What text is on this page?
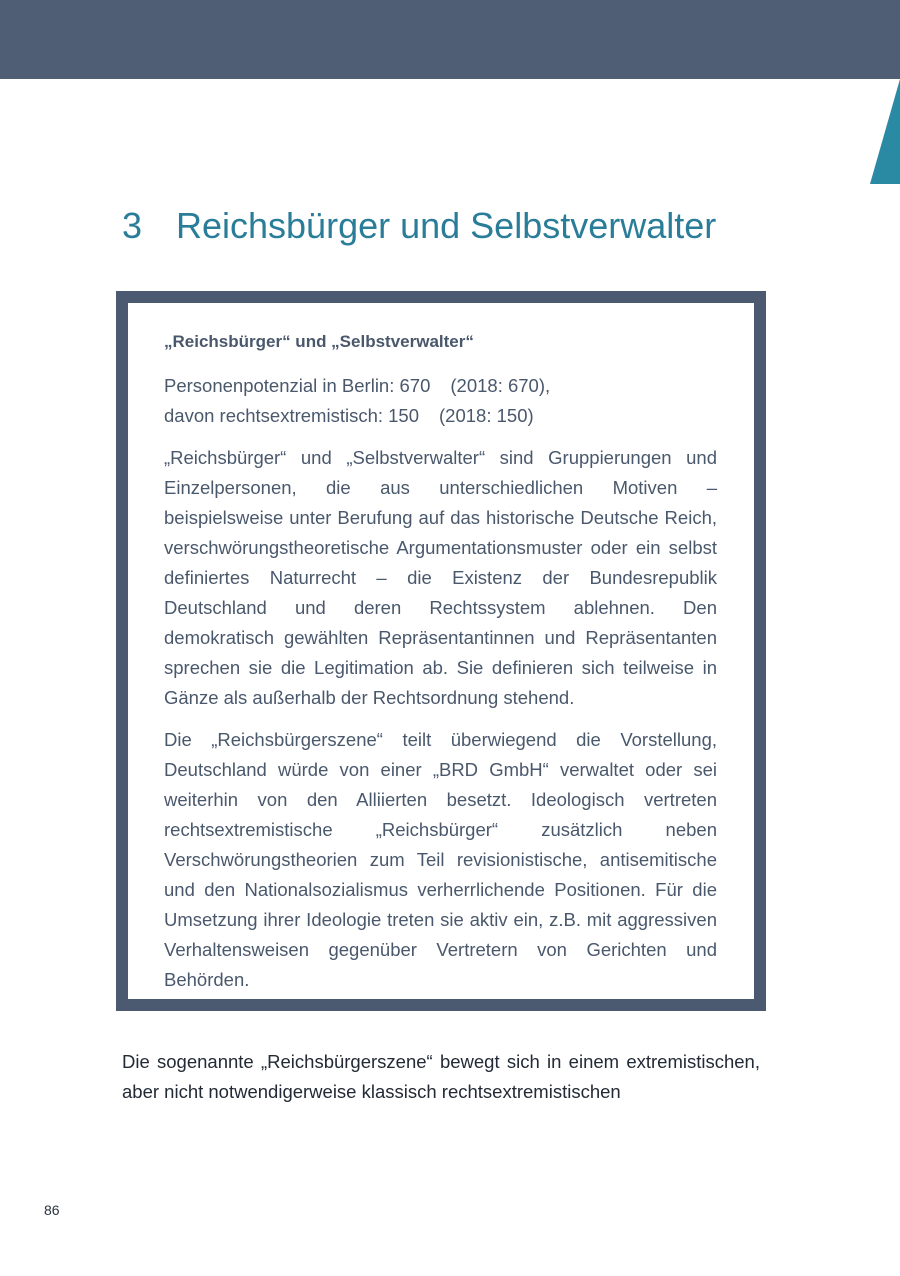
3 Reichsbürger und Selbstverwalter

„Reichsbürger“ und „Selbstverwalter“

Personenpotenzial in Berlin: 670 (2018: 670),
davon rechtsextremistisch: 150 (2018: 150)

„Reichsbürger“ und „Selbstverwalter“ sind Gruppierungen und Einzelpersonen, die aus unterschiedlichen Motiven – beispielsweise unter Berufung auf das historische Deutsche Reich, verschwörungstheoretische Argumentationsmuster oder ein selbst definiertes Naturrecht – die Existenz der Bundesrepublik Deutschland und deren Rechtssystem ablehnen. Den demokratisch gewählten Repräsentantinnen und Repräsentanten sprechen sie die Legitimation ab. Sie definieren sich teilweise in Gänze als außerhalb der Rechtsordnung stehend.

Die „Reichsbürgerszene“ teilt überwiegend die Vorstellung, Deutschland würde von einer „BRD GmbH“ verwaltet oder sei weiterhin von den Alliierten besetzt. Ideologisch vertreten rechtsextremistische „Reichsbürger“ zusätzlich neben Verschwörungstheorien zum Teil revisionistische, antisemitische und den Nationalsozialismus verherrlichende Positionen. Für die Umsetzung ihrer Ideologie treten sie aktiv ein, z.B. mit aggressiven Verhaltensweisen gegenüber Vertretern von Gerichten und Behörden.

Die sogenannte „Reichsbürgerszene“ bewegt sich in einem extremistischen, aber nicht notwendigerweise klassisch rechtsextremistischen

86
